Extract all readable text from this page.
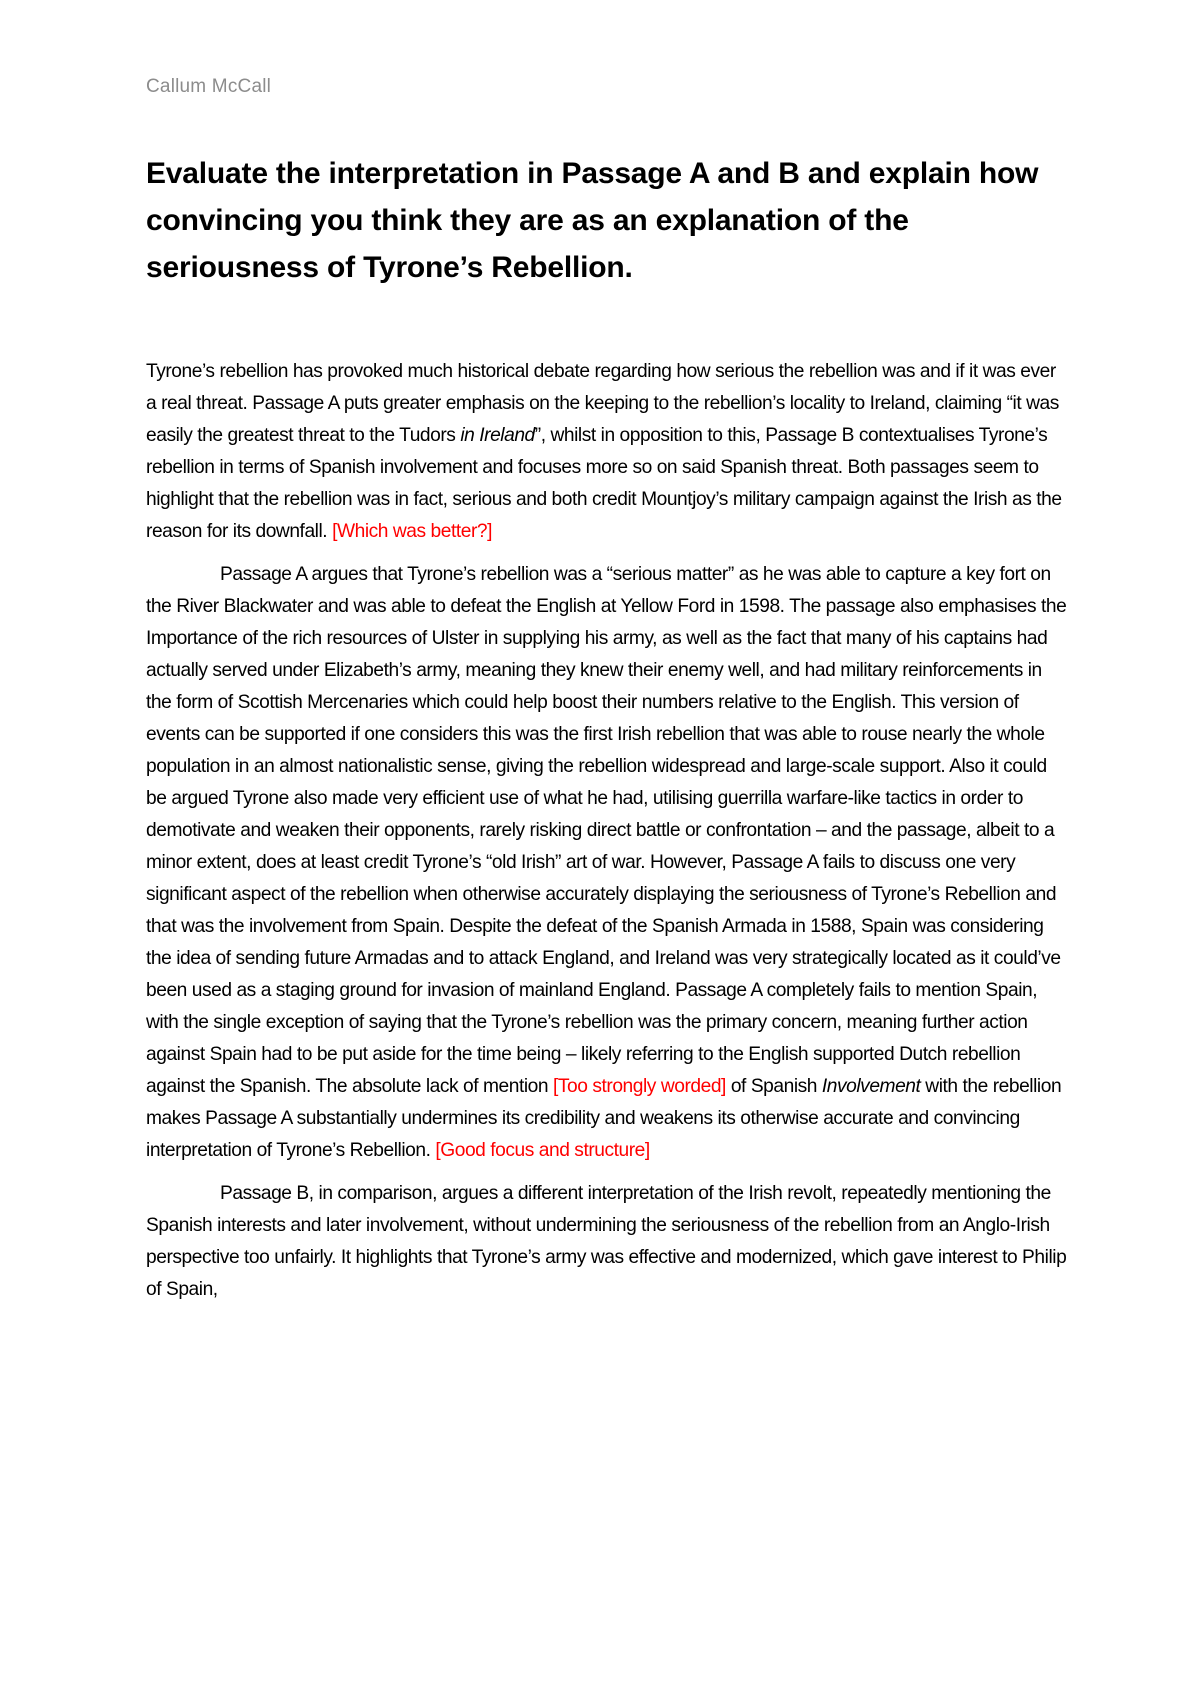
Callum McCall
Evaluate the interpretation in Passage A and B and explain how convincing you think they are as an explanation of the seriousness of Tyrone’s Rebellion.

Tyrone’s rebellion has provoked much historical debate regarding how serious the rebellion was and if it was ever a real threat. Passage A puts greater emphasis on the keeping to the rebellion’s locality to Ireland, claiming “it was easily the greatest threat to the Tudors in Ireland”, whilst in opposition to this, Passage B contextualises Tyrone’s rebellion in terms of Spanish involvement and focuses more so on said Spanish threat. Both passages seem to highlight that the rebellion was in fact, serious and both credit Mountjoy’s military campaign against the Irish as the reason for its downfall. [Which was better?]

Passage A argues that Tyrone’s rebellion was a “serious matter” as he was able to capture a key fort on the River Blackwater and was able to defeat the English at Yellow Ford in 1598. The passage also emphasises the Importance of the rich resources of Ulster in supplying his army, as well as the fact that many of his captains had actually served under Elizabeth’s army, meaning they knew their enemy well, and had military reinforcements in the form of Scottish Mercenaries which could help boost their numbers relative to the English. This version of events can be supported if one considers this was the first Irish rebellion that was able to rouse nearly the whole population in an almost nationalistic sense, giving the rebellion widespread and large-scale support. Also it could be argued Tyrone also made very efficient use of what he had, utilising guerrilla warfare-like tactics in order to demotivate and weaken their opponents, rarely risking direct battle or confrontation – and the passage, albeit to a minor extent, does at least credit Tyrone’s “old Irish” art of war. However, Passage A fails to discuss one very significant aspect of the rebellion when otherwise accurately displaying the seriousness of Tyrone’s Rebellion and that was the involvement from Spain. Despite the defeat of the Spanish Armada in 1588, Spain was considering the idea of sending future Armadas and to attack England, and Ireland was very strategically located as it could’ve been used as a staging ground for invasion of mainland England. Passage A completely fails to mention Spain, with the single exception of saying that the Tyrone’s rebellion was the primary concern, meaning further action against Spain had to be put aside for the time being – likely referring to the English supported Dutch rebellion against the Spanish. The absolute lack of mention [Too strongly worded] of Spanish Involvement with the rebellion makes Passage A substantially undermines its credibility and weakens its otherwise accurate and convincing interpretation of Tyrone’s Rebellion. [Good focus and structure]

Passage B, in comparison, argues a different interpretation of the Irish revolt, repeatedly mentioning the Spanish interests and later involvement, without undermining the seriousness of the rebellion from an Anglo-Irish perspective too unfairly. It highlights that Tyrone’s army was effective and modernized, which gave interest to Philip of Spain,
